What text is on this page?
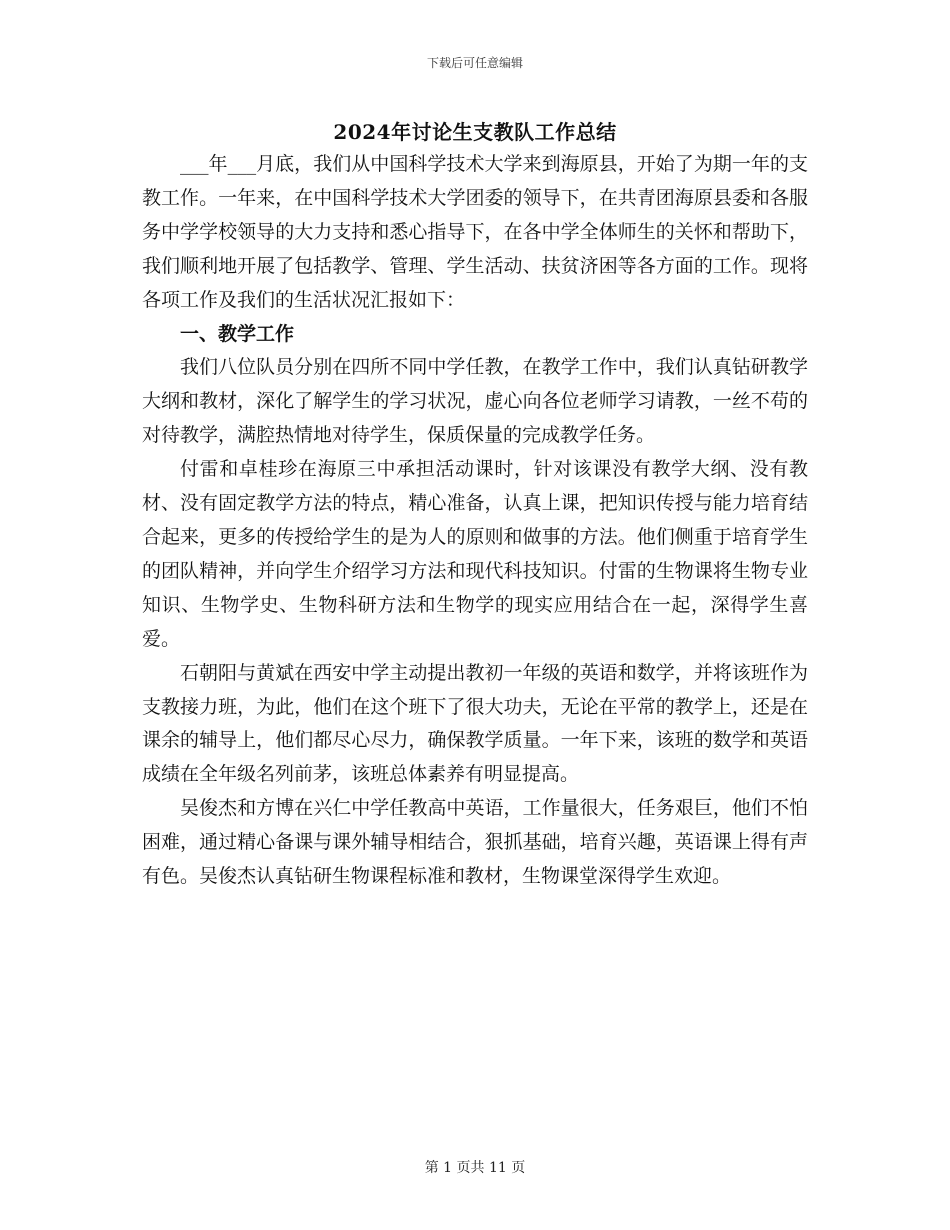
下载后可任意编辑
2024年讨论生支教队工作总结

___年___月底，我们从中国科学技术大学来到海原县，开始了为期一年的支教工作。一年来，在中国科学技术大学团委的领导下，在共青团海原县委和各服务中学学校领导的大力支持和悉心指导下，在各中学全体师生的关怀和帮助下，我们顺利地开展了包括教学、管理、学生活动、扶贫济困等各方面的工作。现将各项工作及我们的生活状况汇报如下：

一、教学工作

我们八位队员分别在四所不同中学任教，在教学工作中，我们认真钻研教学大纲和教材，深化了解学生的学习状况，虚心向各位老师学习请教，一丝不苟的对待教学，满腔热情地对待学生，保质保量的完成教学任务。

付雷和卓桂珍在海原三中承担活动课时，针对该课没有教学大纲、没有教材、没有固定教学方法的特点，精心准备，认真上课，把知识传授与能力培育结合起来，更多的传授给学生的是为人的原则和做事的方法。他们侧重于培育学生的团队精神，并向学生介绍学习方法和现代科技知识。付雷的生物课将生物专业知识、生物学史、生物科研方法和生物学的现实应用结合在一起，深得学生喜爱。

石朝阳与黄斌在西安中学主动提出教初一年级的英语和数学，并将该班作为支教接力班，为此，他们在这个班下了很大功夫，无论在平常的教学上，还是在课余的辅导上，他们都尽心尽力，确保教学质量。一年下来，该班的数学和英语成绩在全年级名列前茅，该班总体素养有明显提高。

吴俊杰和方博在兴仁中学任教高中英语，工作量很大，任务艰巨，他们不怕困难，通过精心备课与课外辅导相结合，狠抓基础，培育兴趣，英语课上得有声有色。吴俊杰认真钻研生物课程标准和教材，生物课堂深得学生欢迎。

第 1 页共 11 页
